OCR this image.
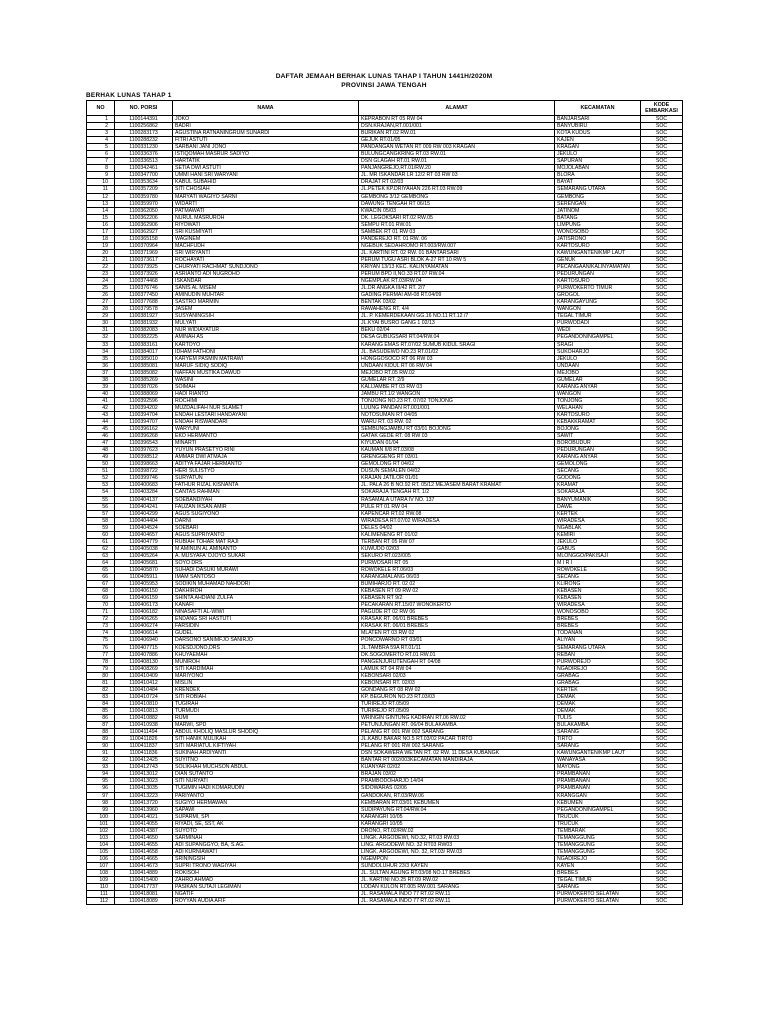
DAFTAR JEMAAH BERHAK LUNAS TAHAP I TAHUN 1441H/2020M
PROVINSI JAWA TENGAH
BERHAK LUNAS TAHAP 1
NO	NO. PORSI	NAMA	ALAMAT	KECAMATAN	KODE EMBARKASI
1	1100144391	JOKO	KEPRABON RT 05 RW 04	BANJARSARI	SOC
2	1100256862	BADRI	DSN.KRAJAN,RT.001/001	BANYUBIRU	SOC
3	1100283173	AGUSTINA RATNANINGRUM SUNARDI	BURIKAN RT.02 RW.01	KOTA KUDUS	SOC
4	1100288232	FITRI ASTUTI	GEJUK RT.01/05	KAJEN	SOC
5	1100331230	SARBANI JANI JONO	PANDANGAN WETAN RT 009 RW 003 KRAGAN	KRAGAN	SOC
6	1100336376	ISTIQOMAH MASRUR SADIYO	BULUNGCANGKRING RT.03 RW.01	JEKULO	SOC
7	1100336513	HARTATIK	DSN GLAGAH RT.01 RW.01	SAPURAN	SOC
8	1100342461	SETIA DWI ASTUTI	PANJANGREJO,RT.01/RW.20	MOJOLABAN	SOC
9	1100347700	UMMI HANI SRI WARYANI	JL. MR ISKANDAR LR 12/2 RT 03 RW 03	BLORA	SOC
10	1100353634	KABUL SUBAHID	DRAJAT RT 02/03	BAYAT	SOC
11	1100357209	SITI CHOSIAH	JL.PETEK KP.DRIYAHAN 226 RT.03 RW.09	SEMARANG UTARA	SOC
12	1100359780	MARYATI WAGIYO SARNI	GEMBONG 3/12 GEMBONG	GEMBONG	SOC
13	1100359970	WIDARTI	DAWUNG TENGAH RT 06/15	SERENGAN	SOC
14	1100362050	PATMAWATI	KWACIN 05/03	JATINOM	SOC
15	1100362206	NURUL MASRUROH	DK. LEGOKSARI RT.02 RW.05	BATANG	SOC
16	1100362906	RIYOWATI	SEMPU RT.01 RW.01	LIMPUNG	SOC
17	1100362927	SRI KUSMIYATI	SAMBEK RT 01 RW 03	WONOSOBO	SOC
18	1100365158	WAGINEM	PANDEREJO RT. 01 RW. 06	JATISRONO	SOC
19	1100370964	MACHFUDH	NGEBUK SEDAHROMO RT.003/RW.007	KARTOSURO	SOC
20	1100371969	SRI WIRYANTI	JL. KARTINI RT. 02 RW. 01 BANTARSARI	KAWUNGANTEN/KMP LAUT	SOC
21	1100373617	ROCHAYATI	PERUM TUGU ASRI BLOK A-27 RT 10 RW 5	GENUK	SOC
22	1100373925	CHURYATI RACHMAT SUNDJONO	KRIYAN 13/13 KEC. KALINYAMATAN	PECANGAAN/KALINYAMATAN	SOC
23	1100373926	ASRIANTO ADI NUGROHO	PERUM BPD II,NO.33 RT.07 RW.04	PEDURUNGAN	SOC
24	1100374468	ISKANDAR	NGEMPLAK RT.03/RW.04	KARTOSURO	SOC
25	1100376746	SANIS AL MISEM	JL.DR ANGKA III/42 RT. 2/7	PURWOKERTO TIMUR	SOC
26	1100377450	AMINUDIN MUHTAR	GADING PERMAI AM-08 RT.04/09	GROGOL	SOC
27	1100377688	SASTRO MARMIN	BENTAK 03/02	KARANGAYUNG	SOC
28	1100379578	JASEM	RAWAHENG RT. 4/4	WANGON	SOC
29	1100381927	SUSYANINGSIH	JL. P. KEMERDEKAAN GG.16 NO.11 RT.12 /7	TEGAL TIMUR	SOC
30	1100381932	MULYATI	JL.KYAI BUSRO GANG 1 02/13	PURWODADI	SOC
31	1100382083	NUR WIDIAYATUR	BEKU 02/04	WEDI	SOC
32	1100382225	AMINAH AS	DESA GUBUGSARI RT.04/RW.04	PEGANDON/NGAMPEL	SOC
33	1100383161	KARTOYO	KARANG EMAS RT.07/02 SUMUB KIDUL SRAGI	SRAGI	SOC
34	1100384017	IDHAM FATHONI	JL. BASUDEWO NO.23 RT.01/02	SUKOHARJO	SOC
35	1100385010	KARYEM PASMIN MATRAWI	HONGGOSOCO RT 06 RW 03	JEKULO	SOC
36	1100385081	MARUF SIDIQ SODIQ	UNDAAN KIDUL RT 06 RW 04	UNDAAN	SOC
37	1100385082	NAFFAN MUSTIKA DAWUD	MEJOBO RT.05 RW.02	MEJOBO	SOC
38	1100385269	WASINI	GUMELAR RT. 2/9	GUMELAR	SOC
39	1100387026	SOIMAH	KALIJAMBE RT 03 RW 03	KARANG ANYAR	SOC
40	1100388069	HADI RIANTO	JAMBU RT.1/2 WANGON	WANGON	SOC
41	1100392596	ROCHIMI	TONJONG NO.23 RT. 07/02 TONJONG	TONJONG	SOC
42	1100394202	MUZDALIFAH NUR SLAMET	LUUNG PANDAN RT.001/001	WELAHAN	SOC
43	1100394704	ENDAH LESTARI HANDAYANI	NOTOSUMAN RT 04/05	KARTOSURO	SOC
44	1100394707	ENDAH RISWANDARI	WARU RT. 03 RW. 02	KEBAKKRAMAT	SOC
45	1100396162	WARYUNI	SEMBUNGJAMBU RT 03/01 BOJONG	BOJONG	SOC
46	1100396268	EKO HERMANTO	GATAK GEDE RT. 08 RW 03	SAWIT	SOC
47	1100396543	MINARTI	KIYUDAN 01/04	BOROBUDUR	SOC
48	1100397623	YUYUN PRASETYO RINI	KAUMAN II/8 RT.03/08	PEDURUNGAN	SOC
49	1100398512	AMMAR DWI ATMAJA	GRENGGENG RT 03/01	KARANG ANYAR	SOC
50	1100398663	ADITYA FAJAR HERMANTO	GEMOLONG RT 04/02	GEMOLONG	SOC
51	1100398722	HERI SULISTYO	DUSUN SEMALEN 04/02	SECANG	SOC
52	1100399746	SURYATUN	KRAJAN JATILOR 01/01	GODONG	SOC
53	1100400683	FATHUR RIZAL KISNANTA	JL. PALA 26 B NO.92 RT. 05/12 MEJASEM BARAT KRAMAT	KRAMAT	SOC
54	1100403284	CANTAS RAHMAN	SOKARAJA TENGAH RT. 1/2	SOKARAJA	SOC
55	1100404137	SOEBANDIYAH	RASAMALA UTARA IV NO. 137	BANYUMANIK	SOC
56	1100404241	FAUZAN IKSAN AMIR	PULE RT 01 RW 04	DAWE	SOC
57	1100404299	AGUS SUGIYONO	KAPENCAR RT.02 RW.08	KERTEK	SOC
58	1100404404	DARNI	WIRADESA RT.07/02 WIRADESA	WIRADESA	SOC
59	1100404524	SOEBARI	DELES 04/02	NGABLAK	SOC
60	1100404657	AGUS SUPRIYANTO	KALIMENENG RT 01/02	KEMIRI	SOC
61	1100404779	RUBIAH TOHAR MAT RAJI	TERBAN RT 05 RW 07	JEKULO	SOC
62	1100405038	M AMINUN AL AMINANTO	KUWUDO 02/03	GABUS	SOC
63	1100405264	A. MUSYAFA' DJOYO SUKAR	SEKURO RT.023/005	MLONGGO/PAKISAJI	SOC
64	1100405681	SOYO DRS	PURWOSARI RT 05	M I R I	SOC
65	1100405870	SUHADI DASUKI MURAWI	ROWOKELE RT.06/03	ROWOKELE	SOC
66	1100405911	IMAM SANTOSO	KARANGMALANG 06/03	SECANG	SOC
67	1100405953	SODIKIN MUHAMAD NAHDORI	BUMIHARJO RT. 02 02	KLIRONG	SOC
68	1100406150	DAKHIROH	KEBASEN RT 09 RW 02	KEBASEN	SOC
69	1100406159	SHINTA AHDIANI ZULFA	KEBASEN RT 9/2	KEBASEN	SOC
70	1100406173	KANAFI	PECAKARAN RT.15/07 WONOKERTO	WIRADESA	SOC
71	1100406182	NINASAFTI AL-WIWI	PAGUDE RT 02 RW 06	WONOSOBO	SOC
72	1100406265	ENDANG SRI HASTUTI	KRASAK RT. 06/01 BREBES	BREBES	SOC
73	1100406274	FARSIDIN	KRASAK RT. 06/01 BREBES	BREBES	SOC
74	1100406614	GUDEL	MLATEN RT 03 RW 02	TODANAN	SOC
75	1100406940	DARSONO SANIMFJO SANIRJO	PONCOWARNO RT 03/01	ALIYAN	SOC
76	1100407715	KOESDJONO,DRS	JL.TAMBRA 59A RT.01/11	SEMARANG UTARA	SOC
77	1100407886	KHUYAEMAH	DK.SOGOMERTO RT.01 RW.01	REBAN	SOC
78	1100408130	MUNIROH	PANGENJURUTENGAH RT 04/08	PURWOREJO	SOC
79	1100408269	SITI KARDIMAH	LAMUK RT 04 RW 04	NGADIREJO	SOC
80	1100410409	MARIYONO	KEBONSARI 02/03	GRABAG	SOC
81	1100410412	MISLIN	KEBONSARI RT. 02/03	GRABAG	SOC
82	1100410484	KRENDEK	GONDANG RT 08 RW 02	KERTEK	SOC
83	1100410724	SITI ROBIAH	KP. BEGURON NO.23 RT.03/03	DEMAK	SOC
84	1100410810	TUGIRAH	TURIREJO RT.05/09	DEMAK	SOC
85	1100410813	TURMUDI	TURIREJO RT.05/09	DEMAK	SOC
86	1100410882	RUMI	WRINGIN GINTUNG KADIRAN RT.06 RW.02	TULIS	SOC
87	1100410938	MARWI, SPD	PETUNJUNGAN RT. 06/04 BULAKAMBA	BULAKAMBA	SOC
88	1100411494	ABDUL KHOLIQ MASLUR SHODIQ	PELANG RT 001 RW 002 SARANG	SARANG	SOC
89	1100411826	SITI HANIK MULIKAH	JL.KABU BAKAR NO.5 RT.03/02 PACAR TIRTO	TIRTO	SOC
90	1100411837	SITI MARIATUL KIFTIYAH	PELANG RT 001 RW 002 SARANG	SARANG	SOC
91	1100411836	SUKINAH ARDIYANTI	DSN SOKAWERA WETAN RT. 02 RW. 11 DESA KUBANGK	KAWUNGANTEN/KMP LAUT	SOC
92	1100412425	SUYITNO	BANTAR RT 002/003KECAMATAN MANDIRAJA	WANAYASA	SOC
93	1100412743	SOLIKHAH MUCHSON ABDUL	KUANYAR 02/02	MAYONG	SOC
94	1100413012	DIAN SUTANTO	BRAJAN 03/02	PRAMBANAN	SOC
95	1100413023	SITI NURYATI	PRAMBODOHARJO 14/04	PRAMBANAN	SOC
96	1100413035	TUGIMIN HADI KOMARUDIN	SIDOWARAS 02/06	PRAMBANAN	SOC
97	1100413223	PARIYANTO	GANDOKAN, RT.03/RW.06	KRANGGAN	SOC
98	1100413720	SUGIYO HERMAWAN	KEMBARAN RT.03/01 KEBUMEN	KEBUMEN	SOC
99	1100413960	SAPAWI	SUDIPAYUNG RT.04/RW.04	PEGANDON/NGAMPEL	SOC
100	1100414021	SUPARMI, SPI	KARANGRI 10/05	TRUCUK	SOC
101	1100414055	RIYADI, SE, SST, AK	KARANGRI 10/05	TRUCUK	SOC
102	1100414387	SUYOTO	DRONO, RT.02/RW.02	TEMBARAK	SOC
103	1100414650	SARMINAH	LINGK. ARGODEWI, NO.32, RT.03 RW.03	TEMANGGUNG	SOC
104	1100414655	ADI SUPANGGYO, BA, S.AG.	LING. ARGODEWI NO. 32 RT03 RW03	TEMANGGUNG	SOC
105	1100414658	ADI KURNIAWATI	LINGK. ARGODEWI, NO. 32, RT.03/ RW.03	TEMANGGUNG	SOC
106	1100414665	SRININGSIH	NGEMPON	NGADIREJO	SOC
107	1100414673	SUPRI TRONO WAGIYAH	SUNDOLUHUR 23/3 KAYEN	KAYEN	SOC
108	1100414889	ROKISOH	JL. SULTAN AGUNG RT.03/08 NO.17 BREBES	BREBES	SOC
109	1100415400	ZAHRO AHMAD	JL. KARTINI NO.25 RT.09 RW.02	TEGAL TIMUR	SOC
110	1100417737	PASIKAN SUTAJI LEGIMAN	LODAN KULON RT.005 RW.001 SARANG	SARANG	SOC
111	1100418081	NGATIF	JL. RASAMALA INDO 77 RT.02 RW.11	PURWOKERTO SELATAN	SOC
112	1100418089	ROYYAN AUDIA AFIF	JL. RASAMALA INDO 77 RT.02 RW.11	PURWOKERTO SELATAN	SOC
